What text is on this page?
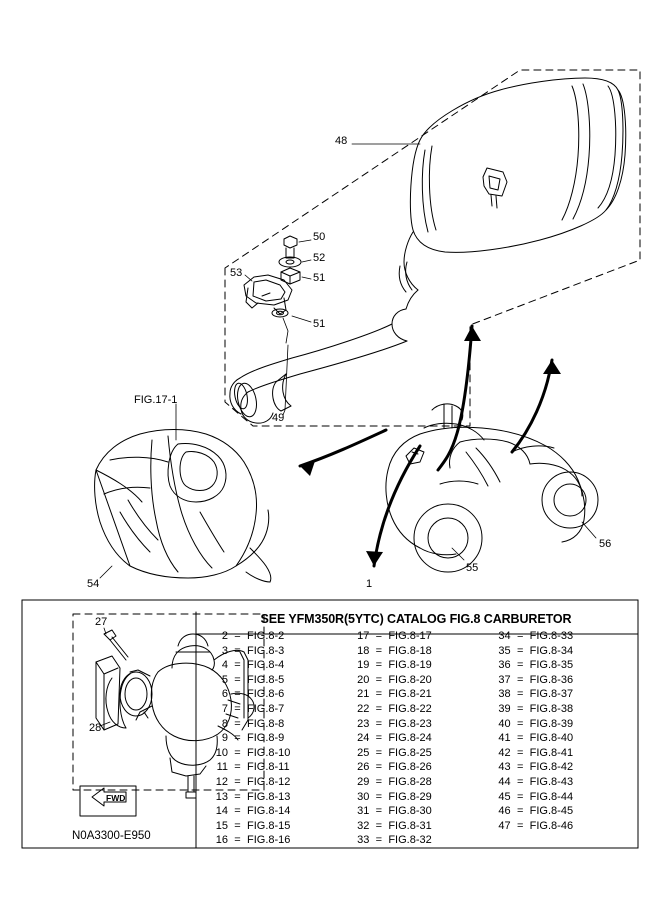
48
50
52
51
53
51
49
FIG.17-1
54	1
55
56
27
28
FWD
SEE YFM350R(5YTC) CATALOG FIG.8 CARBURETOR
2 = FIG.8-2
3 = FIG.8-3
4 = FIG.8-4
5 = FIG.8-5
6 = FIG.8-6
7 = FIG.8-7
8 = FIG.8-8
9 = FIG.8-9
10 = FIG.8-10
11 = FIG.8-11
12 = FIG.8-12
13 = FIG.8-13
14 = FIG.8-14
15 = FIG.8-15
16 = FIG.8-16
17 = FIG.8-17
18 = FIG.8-18
19 = FIG.8-19
20 = FIG.8-20
21 = FIG.8-21
22 = FIG.8-22
23 = FIG.8-23
24 = FIG.8-24
25 = FIG.8-25
26 = FIG.8-26
29 = FIG.8-28
30 = FIG.8-29
31 = FIG.8-30
32 = FIG.8-31
33 = FIG.8-32
34 = FIG.8-33
35 = FIG.8-34
36 = FIG.8-35
37 = FIG.8-36
38 = FIG.8-37
39 = FIG.8-38
40 = FIG.8-39
41 = FIG.8-40
42 = FIG.8-41
43 = FIG.8-42
44 = FIG.8-43
45 = FIG.8-44
46 = FIG.8-45
47 = FIG.8-46
N0A3300-E950
